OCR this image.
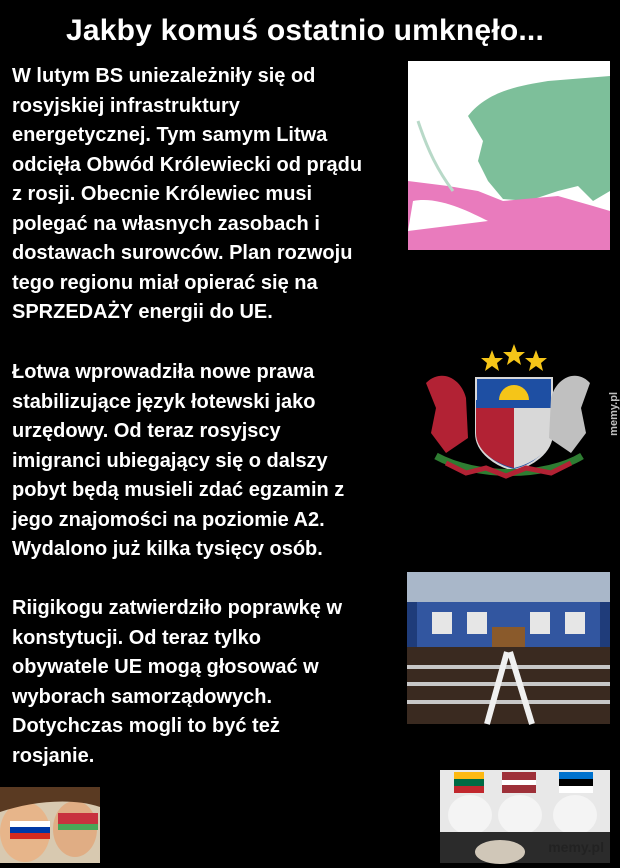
Jakby komuś ostatnio umknęło...
W lutym BS uniezależniły się od
rosyjskiej infrastruktury
energetycznej. Tym samym Litwa
odcięła Obwód Królewiecki od prądu
z rosji. Obecnie Królewiec musi
polegać na własnych zasobach i
dostawach surowców. Plan rozwoju
tego regionu miał opierać się na
SPRZEDAŻY energii do UE.
Łotwa wprowadziła nowe prawa
stabilizujące język łotewski jako
urzędowy. Od teraz rosyjscy
imigranci ubiegający się o dalszy
pobyt będą musieli zdać egzamin z
jego znajomości na poziomie A2.
Wydalono już kilka tysięcy osób.
Riigikogu zatwierdziło poprawkę w
konstytucji. Od teraz tylko
obywatele UE mogą głosować w
wyborach samorządowych.
Dotychczas mogli to być też
rosjanie.
memy.pl
memy.pl
